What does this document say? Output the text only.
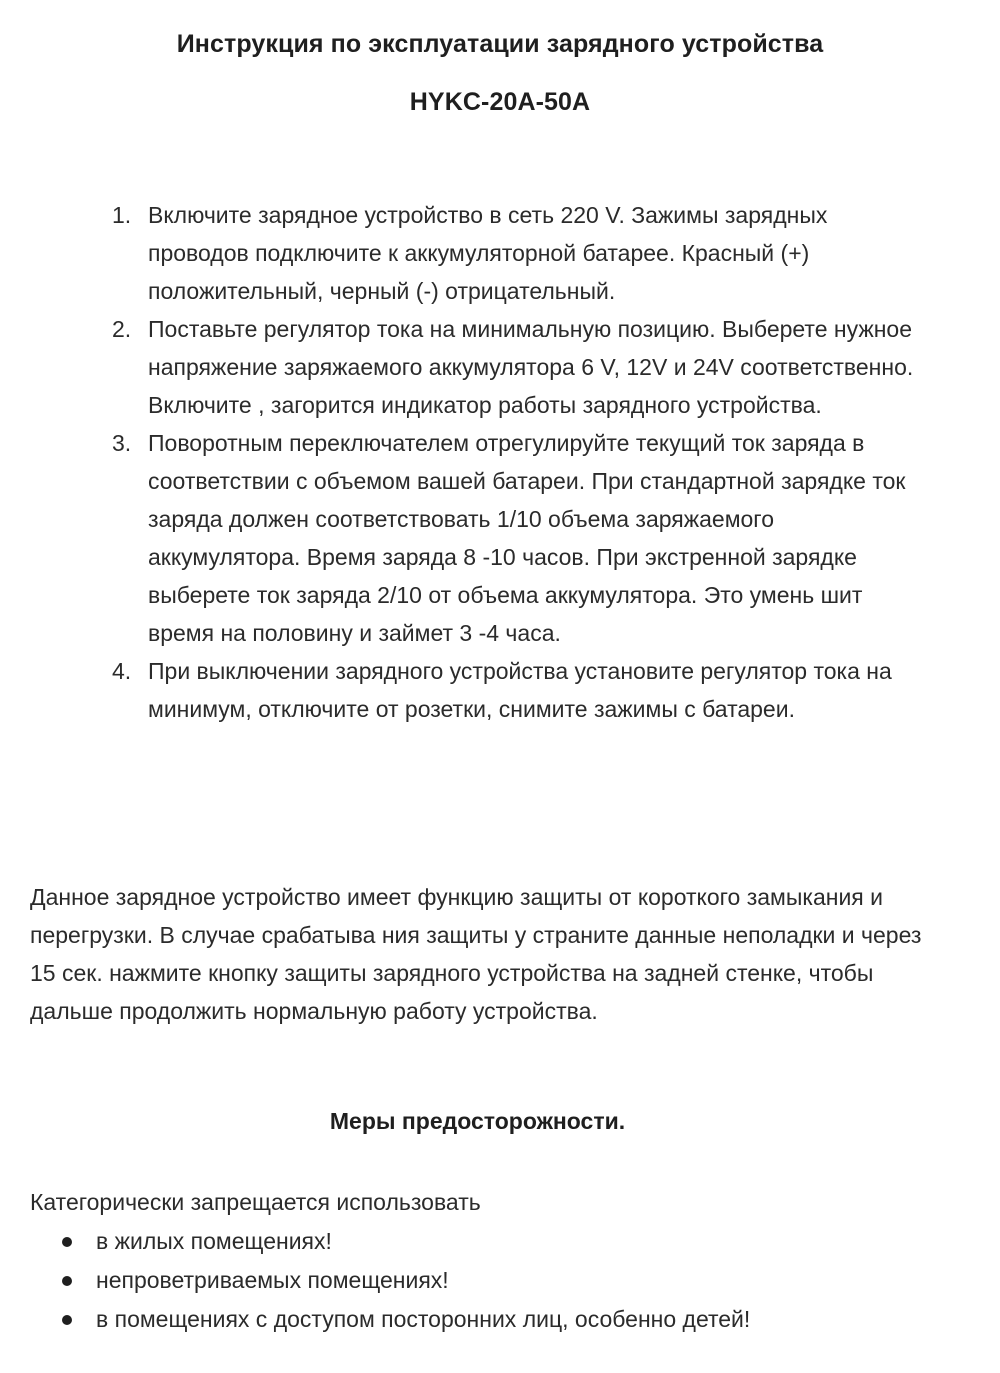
Инструкция по эксплуатации зарядного устройства
HYKC-20A-50A
1. Включите зарядное устройство в сеть 220 V. Зажимы зарядных проводов подключите к аккумуляторной батарее. Красный (+) положительный, черный (-) отрицательный.
2. Поставьте регулятор тока на минимальную позицию. Выберете нужное напряжение заряжаемого аккумулятора 6 V, 12V и 24V соответственно. Включите , загорится индикатор работы зарядного устройства.
3. Поворотным переключателем отрегулируйте текущий ток заряда в соответствии с объемом вашей батареи. При стандартной зарядке ток заряда должен соответствовать 1/10 объема заряжаемого аккумулятора. Время заряда 8 -10 часов. При экстренной зарядке выберете ток заряда 2/10 от объема аккумулятора. Это умень шит время на половину и займет 3 -4 часа.
4. При выключении зарядного устройства установите регулятор тока на минимум, отключите от розетки, снимите зажимы с батареи.

Данное зарядное устройство имеет функцию защиты от короткого замыкания и перегрузки. В случае срабатыва ния защиты у страните данные неполадки и через 15 сек. нажмите кнопку защиты зарядного устройства на задней стенке, чтобы дальше продолжить нормальную работу устройства.

Меры предосторожности.

Категорически запрещается использовать

в жилых помещениях!
непроветриваемых помещениях!
в помещениях с доступом посторонних лиц, особенно детей!
